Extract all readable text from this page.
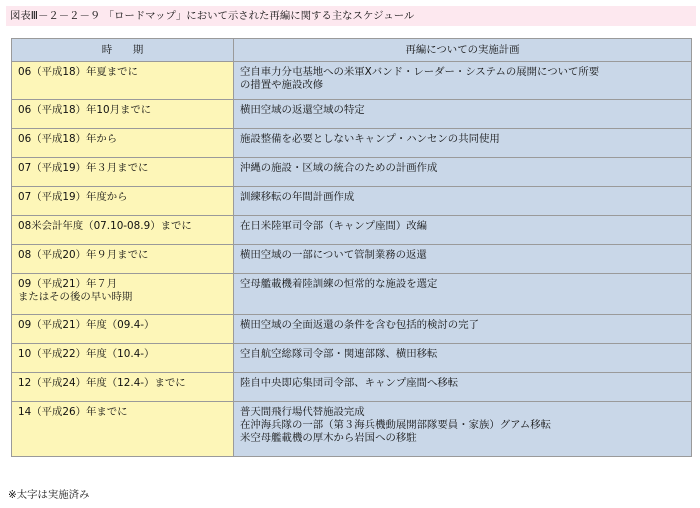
図表Ⅲ－２－２－９ 「ロードマップ」において示された再編に関する主なスケジュール
時　　期	再編についての実施計画

06（平成18）年夏までに	空自車力分屯基地への米軍Ⅹバンド・レーダー・システムの展開について所要
の措置や施設改修

06（平成18）年10月までに	横田空域の返還空域の特定

06（平成18）年から	施設整備を必要としないキャンプ・ハンセンの共同使用

07（平成19）年３月までに	沖縄の施設・区域の統合のための計画作成

07（平成19）年度から	訓練移転の年間計画作成

08米会計年度（07.10-08.9）までに	在日米陸軍司令部（キャンプ座間）改編

08（平成20）年９月までに	横田空域の一部について管制業務の返還

09（平成21）年７月
またはその後の早い時期	空母艦載機着陸訓練の恒常的な施設を選定

09（平成21）年度（09.4-）	横田空域の全面返還の条件を含む包括的検討の完了

10（平成22）年度（10.4-）	空自航空総隊司令部・関連部隊、横田移転

12（平成24）年度（12.4-）までに	陸自中央即応集団司令部、キャンプ座間へ移転

14（平成26）年までに	普天間飛行場代替施設完成
在沖海兵隊の一部（第３海兵機動展開部隊要員・家族）グアム移転
米空母艦載機の厚木から岩国への移駐
※太字は実施済み
